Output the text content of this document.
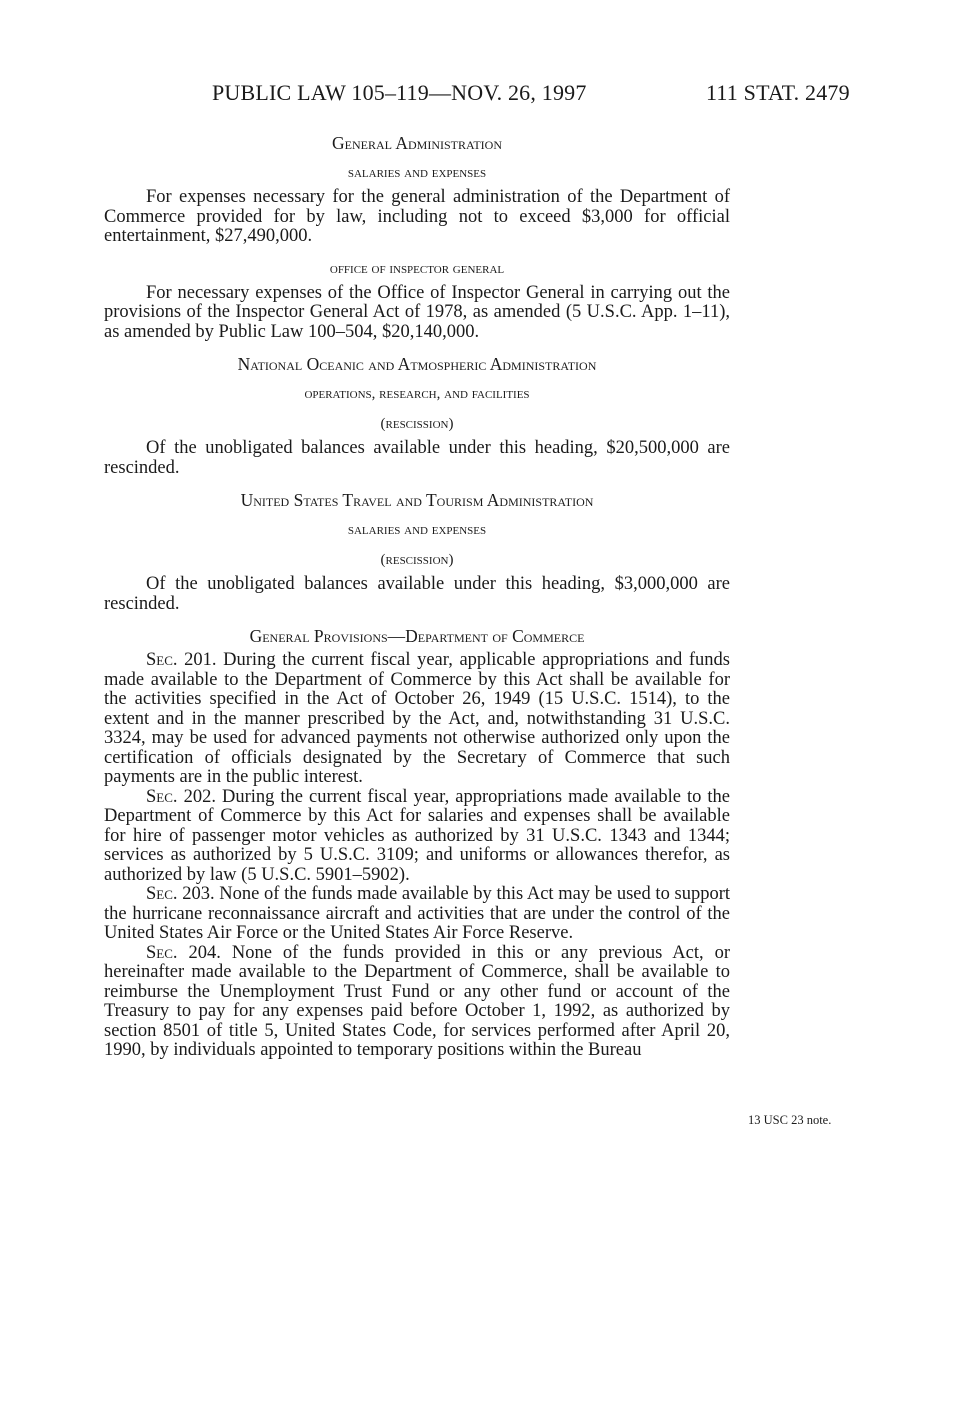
PUBLIC LAW 105–119—NOV. 26, 1997	111 STAT. 2479
General Administration
salaries and expenses

For expenses necessary for the general administration of the Department of Commerce provided for by law, including not to exceed $3,000 for official entertainment, $27,490,000.

office of inspector general

For necessary expenses of the Office of Inspector General in carrying out the provisions of the Inspector General Act of 1978, as amended (5 U.S.C. App. 1–11), as amended by Public Law 100–504, $20,140,000.

National Oceanic and Atmospheric Administration
operations, research, and facilities
(rescission)

Of the unobligated balances available under this heading, $20,500,000 are rescinded.

United States Travel and Tourism Administration
salaries and expenses
(rescission)

Of the unobligated balances available under this heading, $3,000,000 are rescinded.

General Provisions—Department of Commerce

Sec. 201. During the current fiscal year, applicable appropriations and funds made available to the Department of Commerce by this Act shall be available for the activities specified in the Act of October 26, 1949 (15 U.S.C. 1514), to the extent and in the manner prescribed by the Act, and, notwithstanding 31 U.S.C. 3324, may be used for advanced payments not otherwise authorized only upon the certification of officials designated by the Secretary of Commerce that such payments are in the public interest.

Sec. 202. During the current fiscal year, appropriations made available to the Department of Commerce by this Act for salaries and expenses shall be available for hire of passenger motor vehicles as authorized by 31 U.S.C. 1343 and 1344; services as authorized by 5 U.S.C. 3109; and uniforms or allowances therefor, as authorized by law (5 U.S.C. 5901–5902).

Sec. 203. None of the funds made available by this Act may be used to support the hurricane reconnaissance aircraft and activities that are under the control of the United States Air Force or the United States Air Force Reserve.

Sec. 204. None of the funds provided in this or any previous Act, or hereinafter made available to the Department of Commerce, shall be available to reimburse the Unemployment Trust Fund or any other fund or account of the Treasury to pay for any expenses paid before October 1, 1992, as authorized by section 8501 of title 5, United States Code, for services performed after April 20, 1990, by individuals appointed to temporary positions within the Bureau

13 USC 23 note.
